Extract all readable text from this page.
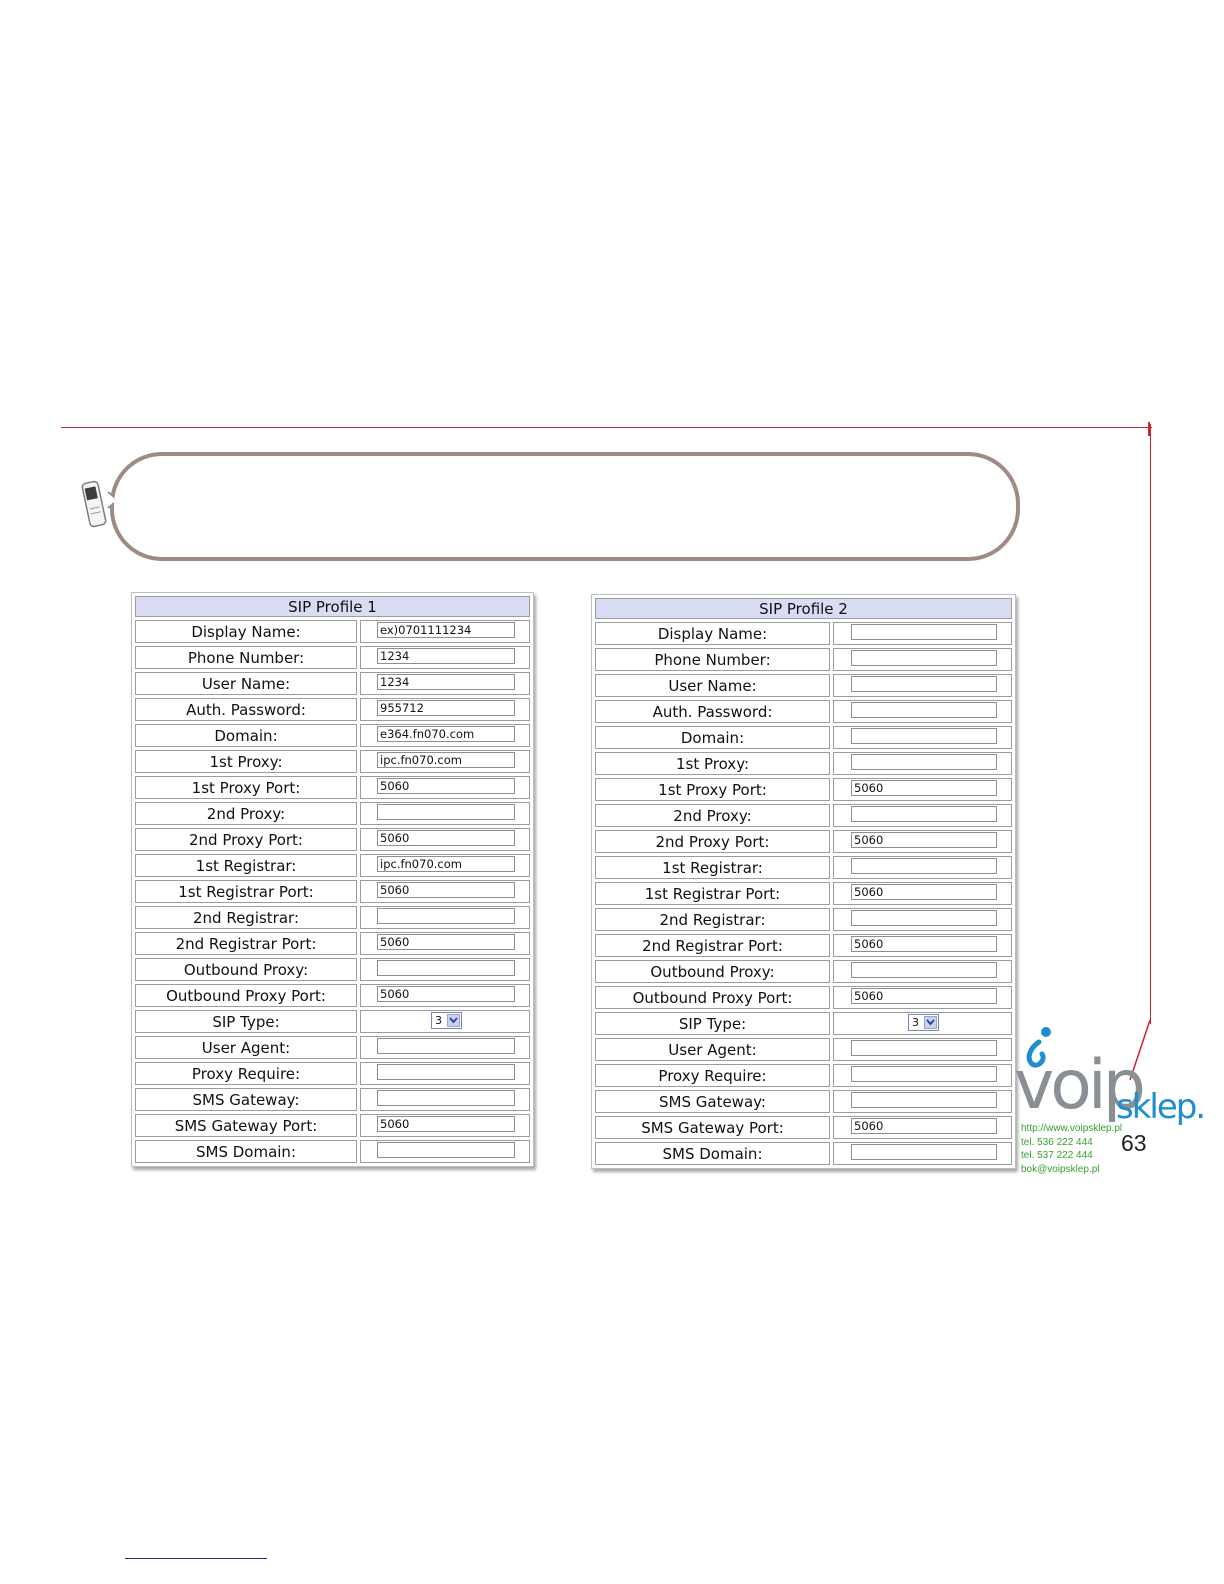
SIP Profile 1	
Display Name:	ex)0701111234

Phone Number:	1234

User Name:	1234

Auth. Password:	955712

Domain:	e364.fn070.com

1st Proxy:	ipc.fn070.com

1st Proxy Port:	5060

2nd Proxy:	

2nd Proxy Port:	5060

1st Registrar:	ipc.fn070.com

1st Registrar Port:	5060

2nd Registrar:	

2nd Registrar Port:	5060

Outbound Proxy:	

Outbound Proxy Port:	5060

SIP Type:	3

User Agent:	

Proxy Require:	

SMS Gateway:	

SMS Gateway Port:	5060

SMS Domain:	
SIP Profile 2	
Display Name:	

Phone Number:	

User Name:	

Auth. Password:	

Domain:	

1st Proxy:	

1st Proxy Port:	5060

2nd Proxy:	

2nd Proxy Port:	5060

1st Registrar:	

1st Registrar Port:	5060

2nd Registrar:	

2nd Registrar Port:	5060

Outbound Proxy:	

Outbound Proxy Port:	5060

SIP Type:	3

User Agent:	

Proxy Require:	

SMS Gateway:	

SMS Gateway Port:	5060

SMS Domain:	
voip
sklep.
http://www.voipsklep.pl
tel. 536 222 444
tel. 537 222 444
bok@voipsklep.pl
63
